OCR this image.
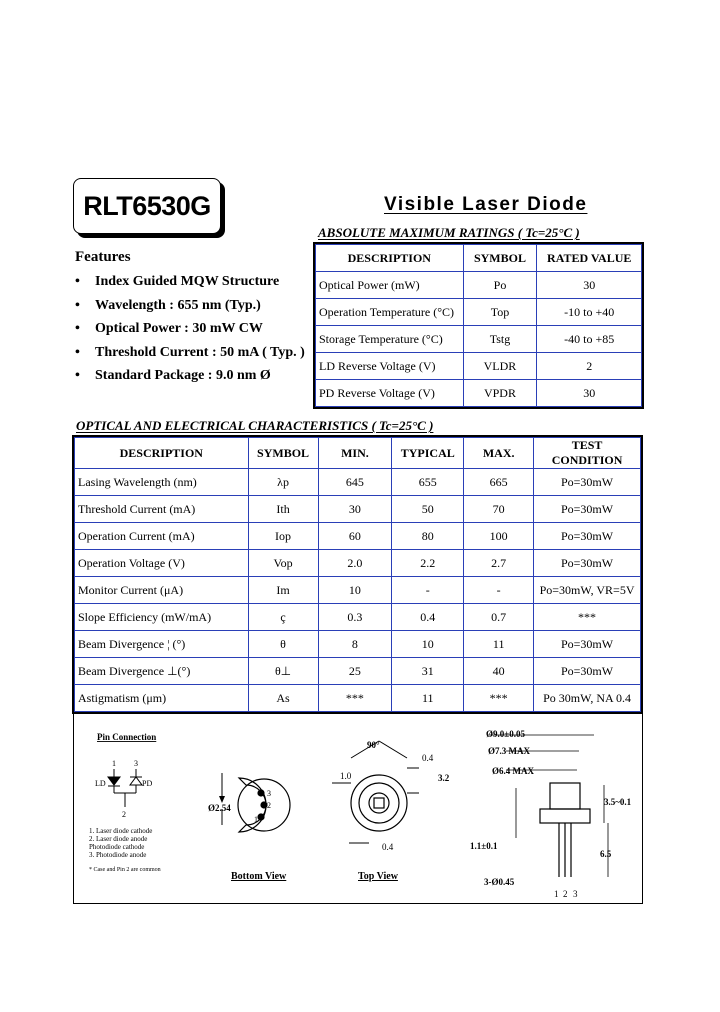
RLT6530G	Visible Laser Diode
Features
•	Index Guided MQW Structure
•	Wavelength : 655 nm (Typ.)
•	Optical Power : 30 mW CW
•	Threshold Current : 50 mA ( Typ. )
•	Standard Package : 9.0 nm Ø
ABSOLUTE MAXIMUM RATINGS ( Tc=25°C )
DESCRIPTION	SYMBOL	RATED VALUE
Optical Power (mW)	Po	30
Operation Temperature (°C)	Top	-10 to +40
Storage Temperature (°C)	Tstg	-40 to +85
LD Reverse Voltage (V)	VLDR	2
PD Reverse Voltage (V)	VPDR	30
OPTICAL AND ELECTRICAL CHARACTERISTICS ( Tc=25°C )
DESCRIPTION	SYMBOL	MIN.	TYPICAL	MAX.	TEST CONDITION
Lasing Wavelength (nm)	λp	645	655	665	Po=30mW
Threshold Current (mA)	Ith	30	50	70	Po=30mW
Operation Current (mA)	Iop	60	80	100	Po=30mW
Operation Voltage (V)	Vop	2.0	2.2	2.7	Po=30mW
Monitor Current (μA)	Im	10	-	-	Po=30mW, VR=5V
Slope Efficiency (mW/mA)	ç	0.3	0.4	0.7	***
Beam Divergence ¦ (°)	θ	8	10	11	Po=30mW
Beam Divergence ⊥(°)	θ⊥	25	31	40	Po=30mW
Astigmatism (μm)	As	***	11	***	Po 30mW, NA 0.4
Pin Connection
1 3
LD	PD
2
1. Laser diode cathode
2. Laser diode anode
Photodiode cathode
3. Photodiode anode
* Case and Pin 2 are common
Ø2.54
3
2
1
Bottom View
90°
0.4
1.0	3.2
0.4
Top View
Ø9.0±0.05
Ø7.3 MAX
Ø6.4 MAX
3.5~0.1
6.5
1.1±0.1
3-Ø0.45
1 2 3
